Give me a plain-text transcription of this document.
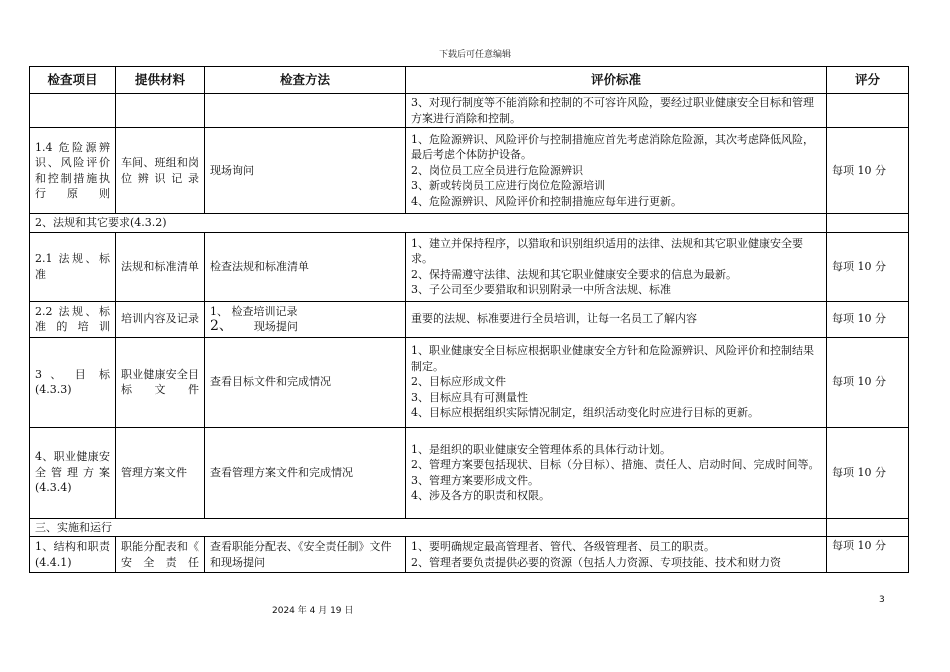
下载后可任意编辑
检查项目	提供材料	检查方法	评价标准	评分

			3、对现行制度等不能消除和控制的不可容许风险，要经过职业健康安全目标和管理方案进行消除和控制。	

1.4 危险源辨识、风险评价和控制措施执行原则	车间、班组和岗位辨识记录	现场询问	1、危险源辨识、风险评价与控制措施应首先考虑消除危险源，其次考虑降低风险，最后考虑个体防护设备。
2、岗位员工应全员进行危险源辨识
3、新或转岗员工应进行岗位危险源培训
4、危险源辨识、风险评价和控制措施应每年进行更新。	每项 10 分
2、法规和其它要求(4.3.2)				
2.1 法规、标准	法规和标准清单	检查法规和标准清单	1、建立并保持程序，以猎取和识别组织适用的法律、法规和其它职业健康安全要求。
2、保持需遵守法律、法规和其它职业健康安全要求的信息为最新。
3、子公司至少要猎取和识别附录一中所含法规、标准	每项 10 分
2.2 法规、标准的培训	培训内容及记录	1、 检查培训记录
2、 现场提问	重要的法规、标准要进行全员培训，让每一名员工了解内容	每项 10 分
3 、 目 标 (4.3.3)	职业健康安全目标文件	查看目标文件和完成情况	1、职业健康安全目标应根据职业健康安全方针和危险源辨识、风险评价和控制结果制定。
2、目标应形成文件
3、目标应具有可测量性
4、目标应根据组织实际情况制定，组织活动变化时应进行目标的更新。	每项 10 分
4、职业健康安全管理方案(4.3.4)	管理方案文件	查看管理方案文件和完成情况	1、是组织的职业健康安全管理体系的具体行动计划。
2、管理方案要包括现状、目标（分目标）、措施、责任人、启动时间、完成时间等。
3、管理方案要形成文件。
4、涉及各方的职责和权限。	每项 10 分
三、实施和运行				
1、结构和职责(4.4.1)	职能分配表和《 安 全 责 任	查看职能分配表、《安全责任制》文件和现场提问	1、要明确规定最高管理者、管代、各级管理者、员工的职责。
2、管理者要负责提供必要的资源（包括人力资源、专项技能、技术和财力资	每项 10 分
2024 年 4 月 19 日
3
